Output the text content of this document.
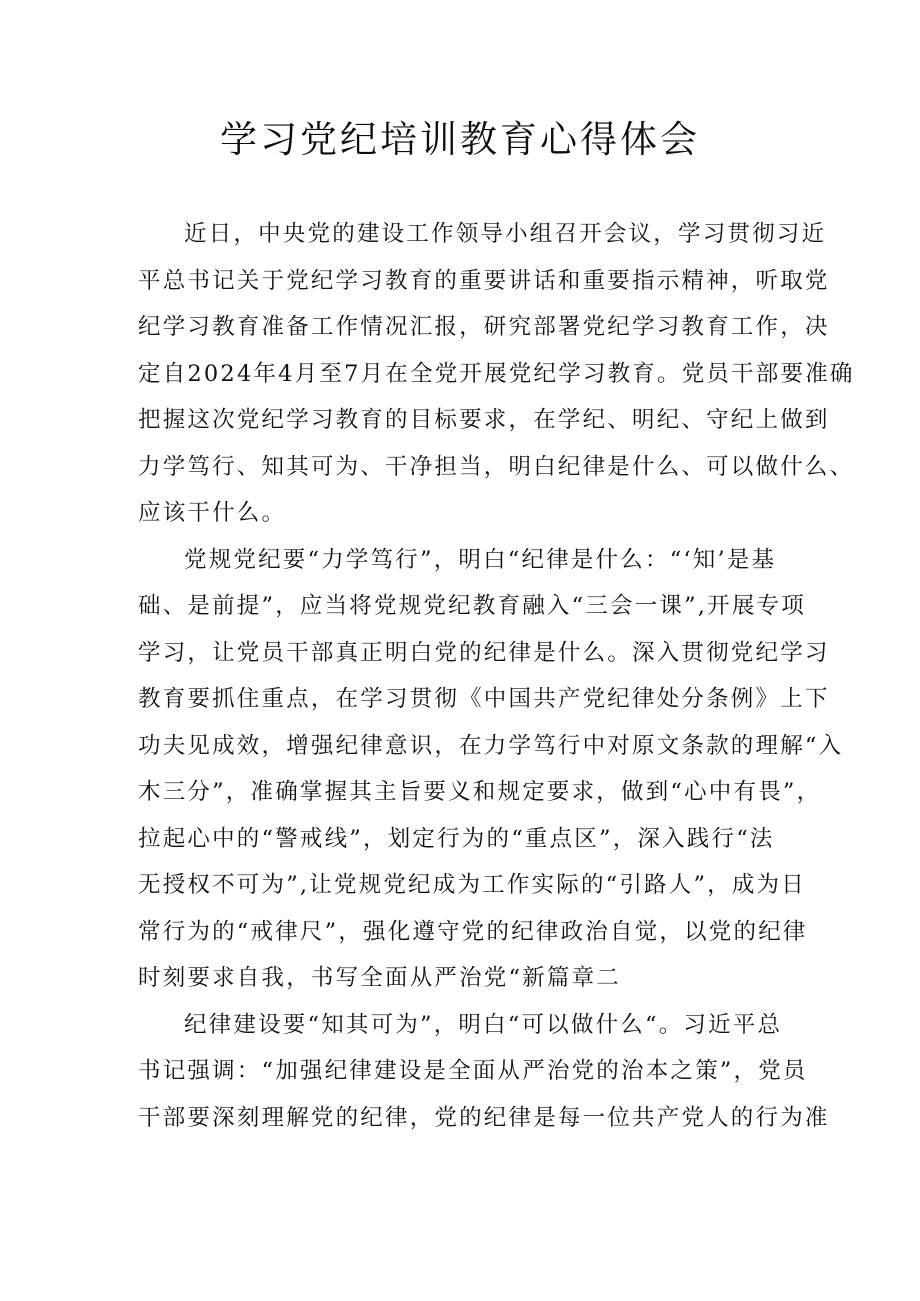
学习党纪培训教育心得体会
近日，中央党的建设工作领导小组召开会议，学习贯彻习近
平总书记关于党纪学习教育的重要讲话和重要指示精神，听取党
纪学习教育准备工作情况汇报，研究部署党纪学习教育工作，决
定自2024年4月至7月在全党开展党纪学习教育。党员干部要准确
把握这次党纪学习教育的目标要求，在学纪、明纪、守纪上做到
力学笃行、知其可为、干净担当，明白纪律是什么、可以做什么、
应该干什么。
党规党纪要“力学笃行”，明白“纪律是什么：“‘知’是基
础、是前提”，应当将党规党纪教育融入“三会一课”,开展专项
学习，让党员干部真正明白党的纪律是什么。深入贯彻党纪学习
教育要抓住重点，在学习贯彻《中国共产党纪律处分条例》上下
功夫见成效，增强纪律意识，在力学笃行中对原文条款的理解“入
木三分”，准确掌握其主旨要义和规定要求，做到“心中有畏”，
拉起心中的“警戒线”，划定行为的“重点区”，深入践行“法
无授权不可为”,让党规党纪成为工作实际的“引路人”，成为日
常行为的“戒律尺”，强化遵守党的纪律政治自觉，以党的纪律
时刻要求自我，书写全面从严治党“新篇章二
纪律建设要“知其可为”，明白“可以做什么“。习近平总
书记强调：“加强纪律建设是全面从严治党的治本之策”，党员
干部要深刻理解党的纪律，党的纪律是每一位共产党人的行为准
